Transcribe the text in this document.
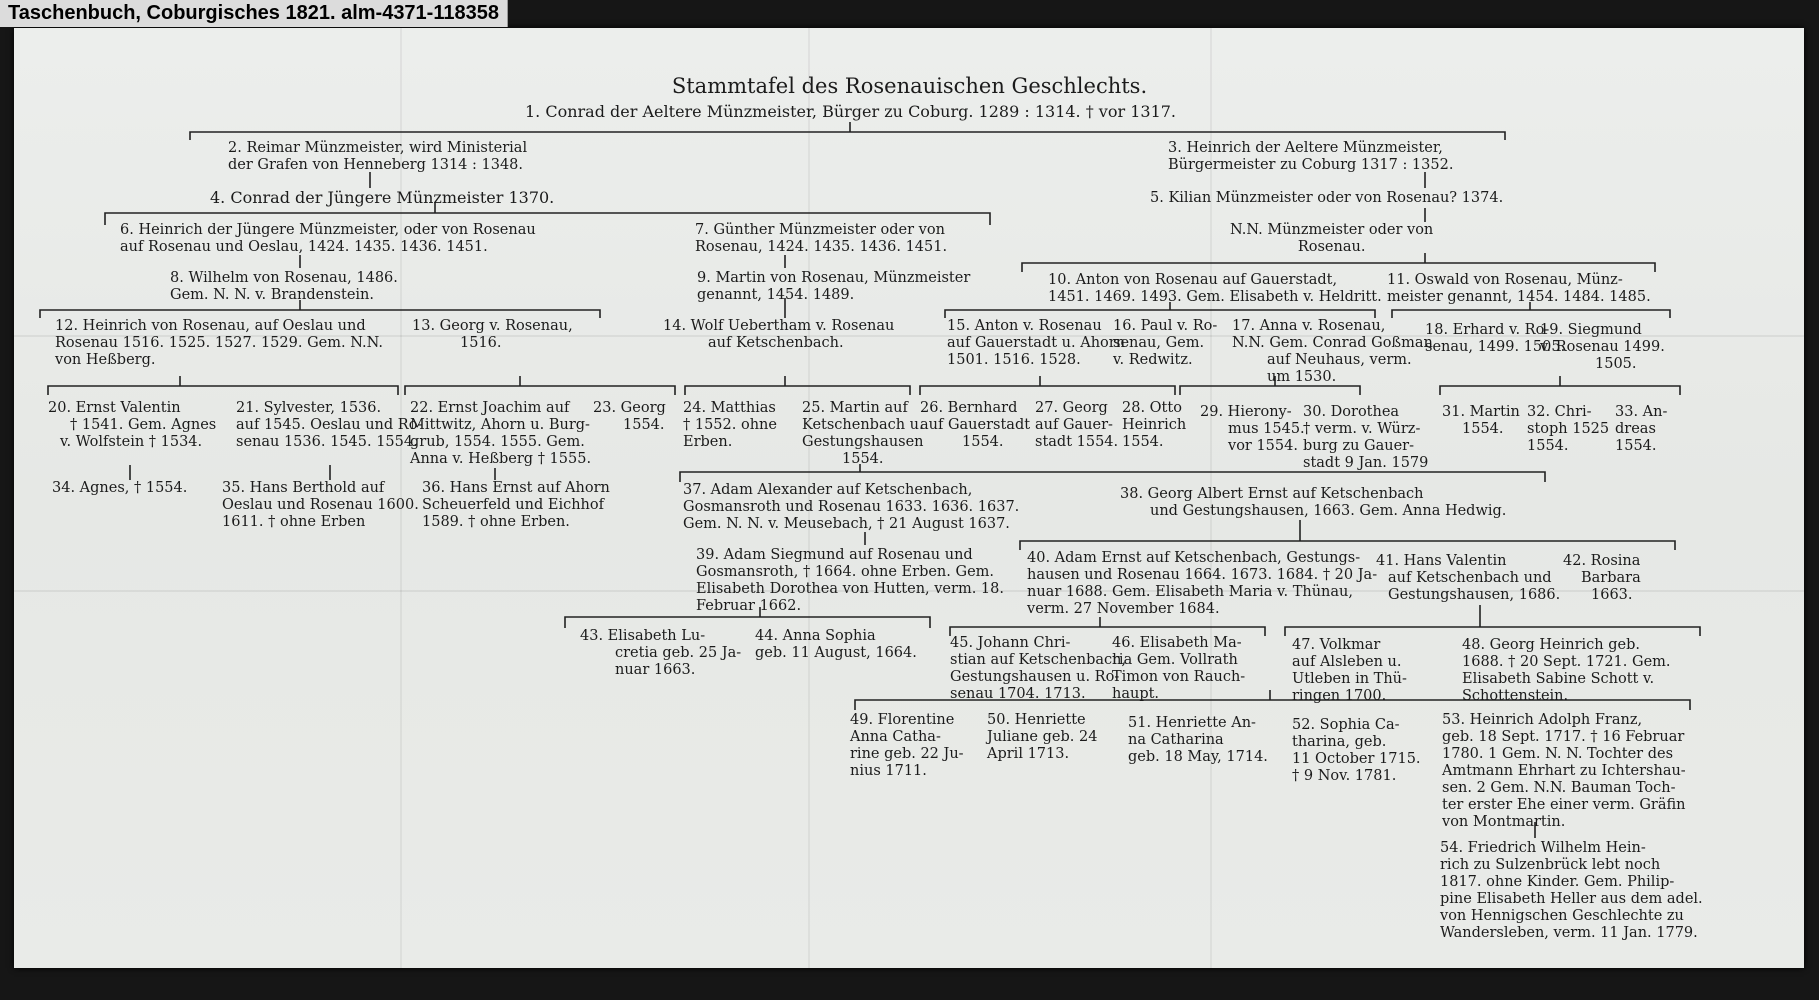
Taschenbuch, Coburgisches 1821. alm-4371-118358
Stammtafel des Rosenauischen Geschlechts.
1. Conrad der Aeltere Münzmeister, Bürger zu Coburg. 1289 : 1314. † vor 1317.
2. Reimar Münzmeister, wird Ministerial
der Grafen von Henneberg 1314 : 1348.
3. Heinrich der Aeltere Münzmeister,
Bürgermeister zu Coburg 1317 : 1352.
4. Conrad der Jüngere Münzmeister 1370.	5. Kilian Münzmeister oder von Rosenau? 1374.
6. Heinrich der Jüngere Münzmeister, oder von Rosenau
auf Rosenau und Oeslau, 1424. 1435. 1436. 1451.
7. Günther Münzmeister oder von
Rosenau, 1424. 1435. 1436. 1451.
N.N. Münzmeister oder von
Rosenau.
8. Wilhelm von Rosenau, 1486.
Gem. N. N. v. Brandenstein.
9. Martin von Rosenau, Münzmeister
genannt, 1454. 1489.
10. Anton von Rosenau auf Gauerstadt,
1451. 1469. 1493. Gem. Elisabeth v. Heldritt.
11. Oswald von Rosenau, Münz-
meister genannt, 1454. 1484. 1485.
12. Heinrich von Rosenau, auf Oeslau und
Rosenau 1516. 1525. 1527. 1529. Gem. N.N.
von Heßberg.
13. Georg v. Rosenau,
1516.
14. Wolf Uebertham v. Rosenau
auf Ketschenbach.
15. Anton v. Rosenau
auf Gauerstadt u. Ahorn
1501. 1516. 1528.
16. Paul v. Ro-
senau, Gem.
v. Redwitz.
17. Anna v. Rosenau,
N.N. Gem. Conrad Goßman
auf Neuhaus, verm.
um 1530.
18. Erhard v. Ro-
senau, 1499. 1505.
19. Siegmund
v. Rosenau 1499.
1505.
20. Ernst Valentin
† 1541. Gem. Agnes
v. Wolfstein † 1534.
21. Sylvester, 1536.
auf 1545. Oeslau und Ro-
senau 1536. 1545. 1554.
22. Ernst Joachim auf
Mittwitz, Ahorn u. Burg-
grub, 1554. 1555. Gem.
Anna v. Heßberg † 1555.
23. Georg
1554.
24. Matthias
† 1552. ohne
Erben.
25. Martin auf
Ketschenbach u.
Gestungshausen
1554.
26. Bernhard
auf Gauerstadt
1554.
27. Georg
auf Gauer-
stadt 1554.
28. Otto
Heinrich
1554.
29. Hierony-
mus 1545.
vor 1554.
30. Dorothea
† verm. v. Würz-
burg zu Gauer-
stadt 9 Jan. 1579
31. Martin
1554.
32. Chri-
stoph 1525
1554.
33. An-
dreas
1554.
34. Agnes, † 1554. 35. Hans Berthold auf
Oeslau und Rosenau 1600.
1611. † ohne Erben
36. Hans Ernst auf Ahorn
Scheuerfeld und Eichhof
1589. † ohne Erben.
37. Adam Alexander auf Ketschenbach,
Gosmansroth und Rosenau 1633. 1636. 1637.
Gem. N. N. v. Meusebach, † 21 August 1637.
38. Georg Albert Ernst auf Ketschenbach
und Gestungshausen, 1663. Gem. Anna Hedwig.
39. Adam Siegmund auf Rosenau und
Gosmansroth, † 1664. ohne Erben. Gem.
Elisabeth Dorothea von Hutten, verm. 18.
Februar 1662.
40. Adam Ernst auf Ketschenbach, Gestungs-
hausen und Rosenau 1664. 1673. 1684. † 20 Ja-
nuar 1688. Gem. Elisabeth Maria v. Thünau,
verm. 27 November 1684.
41. Hans Valentin
auf Ketschenbach und
Gestungshausen, 1686.
42. Rosina
Barbara
1663.
43. Elisabeth Lu-
cretia geb. 25 Ja-
nuar 1663.
44. Anna Sophia
geb. 11 August, 1664.
45. Johann Chri-
stian auf Ketschenbach,
Gestungshausen u. Ro-
senau 1704. 1713.
46. Elisabeth Ma-
ria Gem. Vollrath
Timon von Rauch-
haupt.
47. Volkmar
auf Alsleben u.
Utleben in Thü-
ringen 1700.
48. Georg Heinrich geb.
1688. † 20 Sept. 1721. Gem.
Elisabeth Sabine Schott v.
Schottenstein.
49. Florentine
Anna Catha-
rine geb. 22 Ju-
nius 1711.
50. Henriette
Juliane geb. 24
April 1713.
51. Henriette An-
na Catharina
geb. 18 May, 1714.
52. Sophia Ca-
tharina, geb.
11 October 1715.
† 9 Nov. 1781.
53. Heinrich Adolph Franz,
geb. 18 Sept. 1717. † 16 Februar
1780. 1 Gem. N. N. Tochter des
Amtmann Ehrhart zu Ichtershau-
sen. 2 Gem. N.N. Bauman Toch-
ter erster Ehe einer verm. Gräfin
von Montmartin.
54. Friedrich Wilhelm Hein-
rich zu Sulzenbrück lebt noch
1817. ohne Kinder. Gem. Philip-
pine Elisabeth Heller aus dem adel.
von Hennigschen Geschlechte zu
Wandersleben, verm. 11 Jan. 1779.
